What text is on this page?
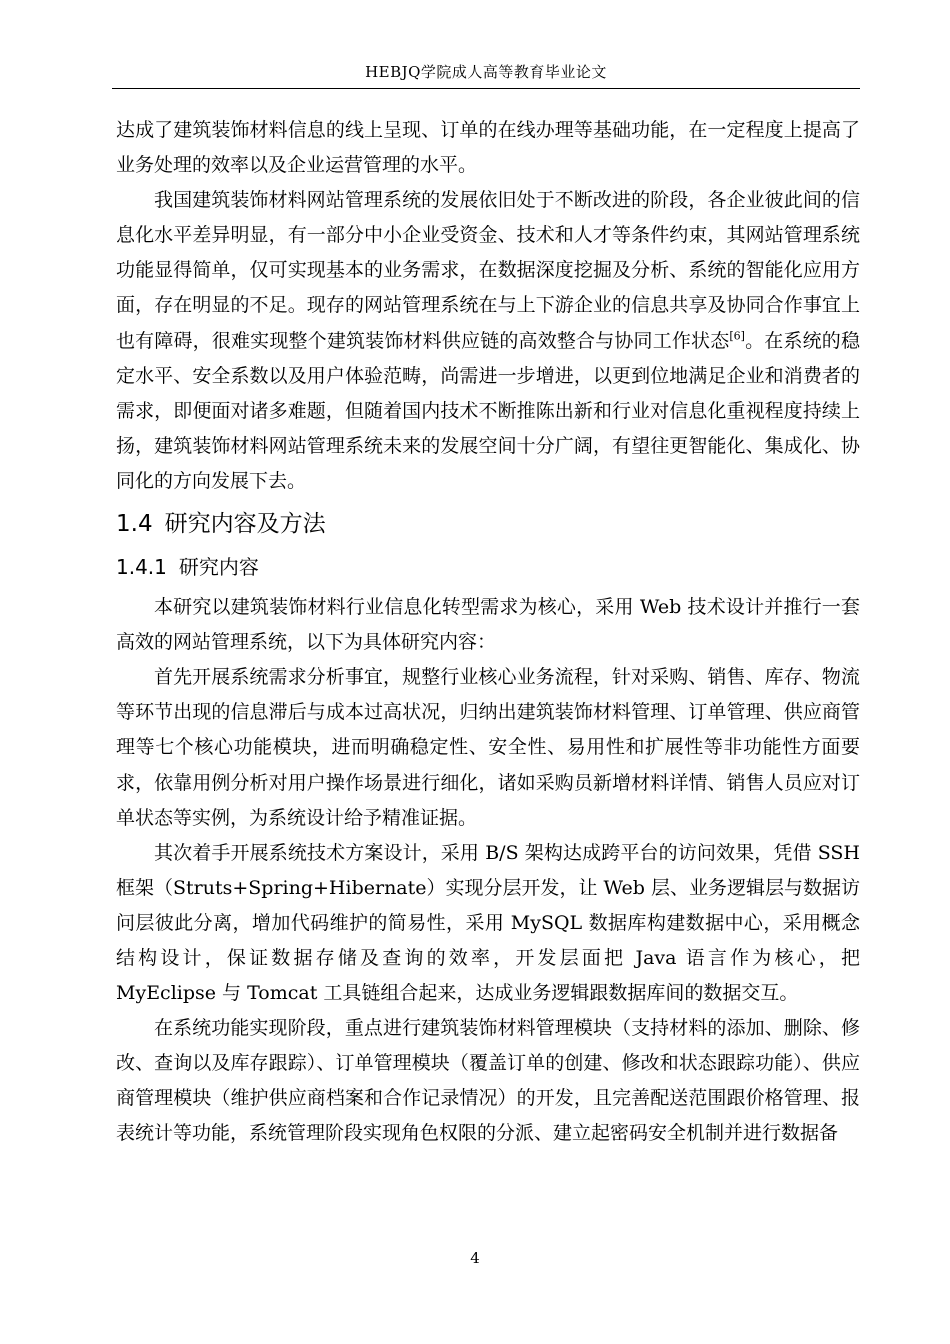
HEBJQ学院成人高等教育毕业论文

达成了建筑装饰材料信息的线上呈现、订单的在线办理等基础功能，在一定程度上提高了业务处理的效率以及企业运营管理的水平。

我国建筑装饰材料网站管理系统的发展依旧处于不断改进的阶段，各企业彼此间的信息化水平差异明显，有一部分中小企业受资金、技术和人才等条件约束，其网站管理系统功能显得简单，仅可实现基本的业务需求，在数据深度挖掘及分析、系统的智能化应用方面，存在明显的不足。现存的网站管理系统在与上下游企业的信息共享及协同合作事宜上也有障碍，很难实现整个建筑装饰材料供应链的高效整合与协同工作状态[6]。在系统的稳定水平、安全系数以及用户体验范畴，尚需进一步增进，以更到位地满足企业和消费者的需求，即便面对诸多难题，但随着国内技术不断推陈出新和行业对信息化重视程度持续上扬，建筑装饰材料网站管理系统未来的发展空间十分广阔，有望往更智能化、集成化、协同化的方向发展下去。

1.4 研究内容及方法
1.4.1 研究内容

本研究以建筑装饰材料行业信息化转型需求为核心，采用 Web 技术设计并推行一套高效的网站管理系统，以下为具体研究内容：

首先开展系统需求分析事宜，规整行业核心业务流程，针对采购、销售、库存、物流等环节出现的信息滞后与成本过高状况，归纳出建筑装饰材料管理、订单管理、供应商管理等七个核心功能模块，进而明确稳定性、安全性、易用性和扩展性等非功能性方面要求，依靠用例分析对用户操作场景进行细化，诸如采购员新增材料详情、销售人员应对订单状态等实例，为系统设计给予精准证据。

其次着手开展系统技术方案设计，采用 B/S 架构达成跨平台的访问效果，凭借 SSH 框架（Struts+Spring+Hibernate）实现分层开发，让 Web 层、业务逻辑层与数据访问层彼此分离，增加代码维护的简易性，采用 MySQL 数据库构建数据中心，采用概念结构设计，保证数据存储及查询的效率，开发层面把 Java 语言作为核心，把 MyEclipse 与 Tomcat 工具链组合起来，达成业务逻辑跟数据库间的数据交互。

在系统功能实现阶段，重点进行建筑装饰材料管理模块（支持材料的添加、删除、修改、查询以及库存跟踪）、订单管理模块（覆盖订单的创建、修改和状态跟踪功能）、供应商管理模块（维护供应商档案和合作记录情况）的开发，且完善配送范围跟价格管理、报表统计等功能，系统管理阶段实现角色权限的分派、建立起密码安全机制并进行数据备

4
